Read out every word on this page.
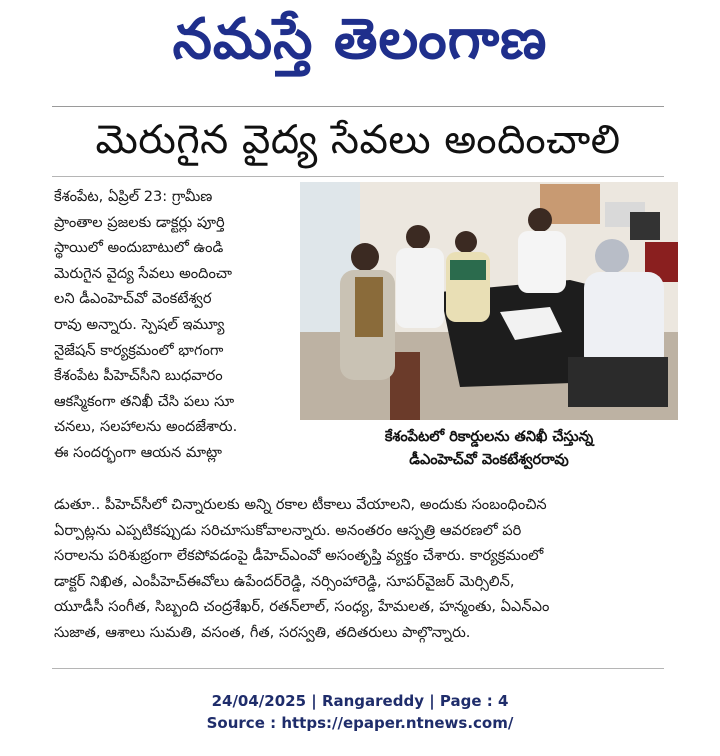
నమస్తే తెలంగాణ
మెరుగైన వైద్య సేవలు అందించాలి

కేశంపేట, ఏప్రిల్ 23: గ్రామీణ

ప్రాంతాల ప్రజలకు డాక్టర్లు పూర్తి

స్థాయిలో అందుబాటులో ఉండి

మెరుగైన వైద్య సేవలు అందించా

లని డీఎంహెచ్‌వో వెంకటేశ్వర

రావు అన్నారు. స్పెషల్ ఇమ్యూ

నైజేషన్ కార్యక్రమంలో భాగంగా

కేశంపేట పీహెచ్‌సీని బుధవారం

ఆకస్మికంగా తనిఖీ చేసి పలు సూ

చనలు, సలహాలను అందజేశారు.

ఈ సందర్భంగా ఆయన మాట్లా

కేశంపేటలో రికార్డులను తనిఖీ చేస్తున్న
డీఎంహెచ్‌వో వెంకటేశ్వరరావు

డుతూ.. పీహెచ్‌సీలో చిన్నారులకు అన్ని రకాల టీకాలు వేయాలని, అందుకు సంబంధించిన

ఏర్పాట్లను ఎప్పటికప్పుడు సరిచూసుకోవాలన్నారు. అనంతరం ఆస్పత్రి ఆవరణలో పరి

సరాలను పరిశుభ్రంగా లేకపోవడంపై డీహెచ్ఎంవో అసంతృప్తి వ్యక్తం చేశారు. కార్యక్రమంలో

డాక్టర్ నిఖిత, ఎంపీహెచ్ఈవోలు ఉపేందర్‌రెడ్డి, నర్సింహారెడ్డి, సూపర్‌వైజర్ మెర్సిలిన్,

యూడీసీ సంగీత, సిబ్బంది చంద్రశేఖర్, రతన్‌లాల్, సంధ్య, హేమలత, హన్మంతు, ఏఎన్ఎం

సుజాత, ఆశాలు సుమతి, వసంత, గీత, సరస్వతి, తదితరులు పాల్గొన్నారు.

24/04/2025 | Rangareddy | Page : 4
Source : https://epaper.ntnews.com/
